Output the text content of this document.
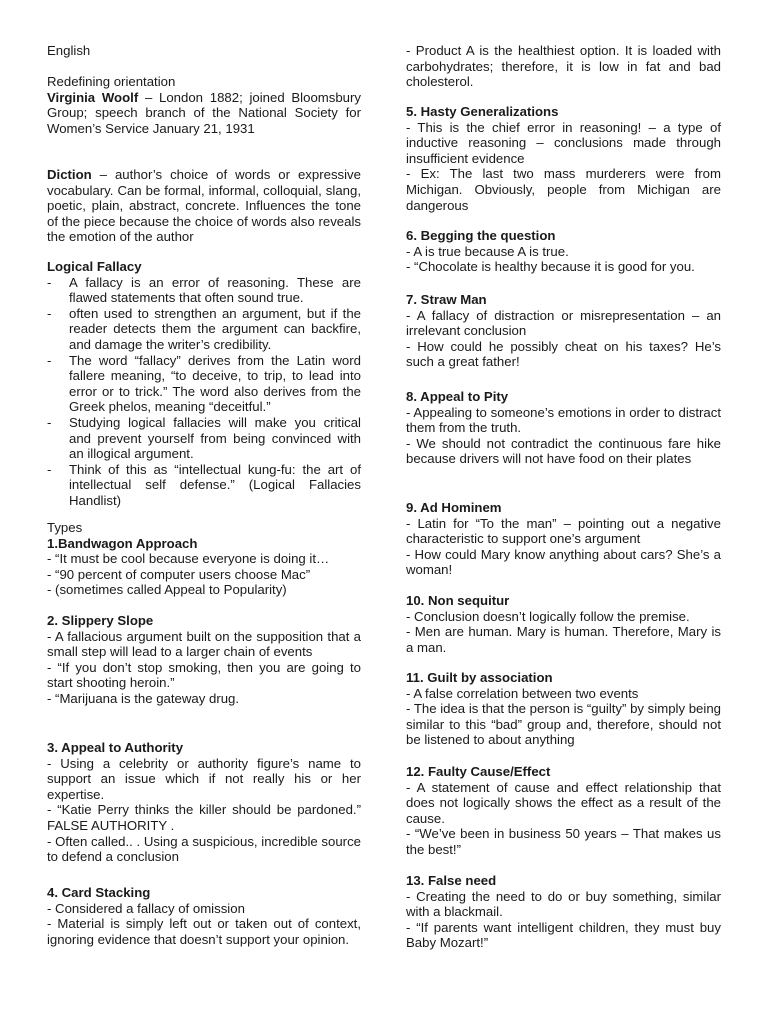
English

Redefining orientation

Virginia Woolf – London 1882; joined Bloomsbury Group; speech branch of the National Society for Women’s Service January 21, 1931

Diction – author’s choice of words or expressive vocabulary. Can be formal, informal, colloquial, slang, poetic, plain, abstract, concrete. Influences the tone of the piece because the choice of words also reveals the emotion of the author

Logical Fallacy

- A fallacy is an error of reasoning. These are flawed statements that often sound true.
- often used to strengthen an argument, but if the reader detects them the argument can backfire, and damage the writer’s credibility.
- The word “fallacy” derives from the Latin word fallere meaning, “to deceive, to trip, to lead into error or to trick.” The word also derives from the Greek phelos, meaning “deceitful.”
- Studying logical fallacies will make you critical and prevent yourself from being convinced with an illogical argument.
- Think of this as “intellectual kung-fu: the art of intellectual self defense.” (Logical Fallacies Handlist)

Types

1.Bandwagon Approach

- “It must be cool because everyone is doing it…

- “90 percent of computer users choose Mac”

- (sometimes called Appeal to Popularity)

2. Slippery Slope

- A fallacious argument built on the supposition that a small step will lead to a larger chain of events

- “If you don’t stop smoking, then you are going to start shooting heroin.”

- “Marijuana is the gateway drug.

3. Appeal to Authority

- Using a celebrity or authority figure’s name to support an issue which if not really his or her expertise.

- “Katie Perry thinks the killer should be pardoned.” FALSE AUTHORITY .

- Often called.. . Using a suspicious, incredible source to defend a conclusion

4. Card Stacking

- Considered a fallacy of omission

- Material is simply left out or taken out of context, ignoring evidence that doesn’t support your opinion.

- Product A is the healthiest option. It is loaded with carbohydrates; therefore, it is low in fat and bad cholesterol.

5. Hasty Generalizations

- This is the chief error in reasoning! – a type of inductive reasoning – conclusions made through insufficient evidence

- Ex: The last two mass murderers were from Michigan. Obviously, people from Michigan are dangerous

6. Begging the question

- A is true because A is true.

- “Chocolate is healthy because it is good for you.

7. Straw Man

- A fallacy of distraction or misrepresentation – an irrelevant conclusion

- How could he possibly cheat on his taxes? He’s such a great father!

8. Appeal to Pity

- Appealing to someone’s emotions in order to distract them from the truth.

- We should not contradict the continuous fare hike because drivers will not have food on their plates

9. Ad Hominem

- Latin for “To the man” – pointing out a negative characteristic to support one’s argument

- How could Mary know anything about cars? She’s a woman!

10. Non sequitur

- Conclusion doesn’t logically follow the premise.

- Men are human. Mary is human. Therefore, Mary is a man.

11. Guilt by association

- A false correlation between two events

- The idea is that the person is “guilty” by simply being similar to this “bad” group and, therefore, should not be listened to about anything

12. Faulty Cause/Effect

- A statement of cause and effect relationship that does not logically shows the effect as a result of the cause.

- “We’ve been in business 50 years – That makes us the best!”

13. False need

- Creating the need to do or buy something, similar with a blackmail.

- “If parents want intelligent children, they must buy Baby Mozart!”
